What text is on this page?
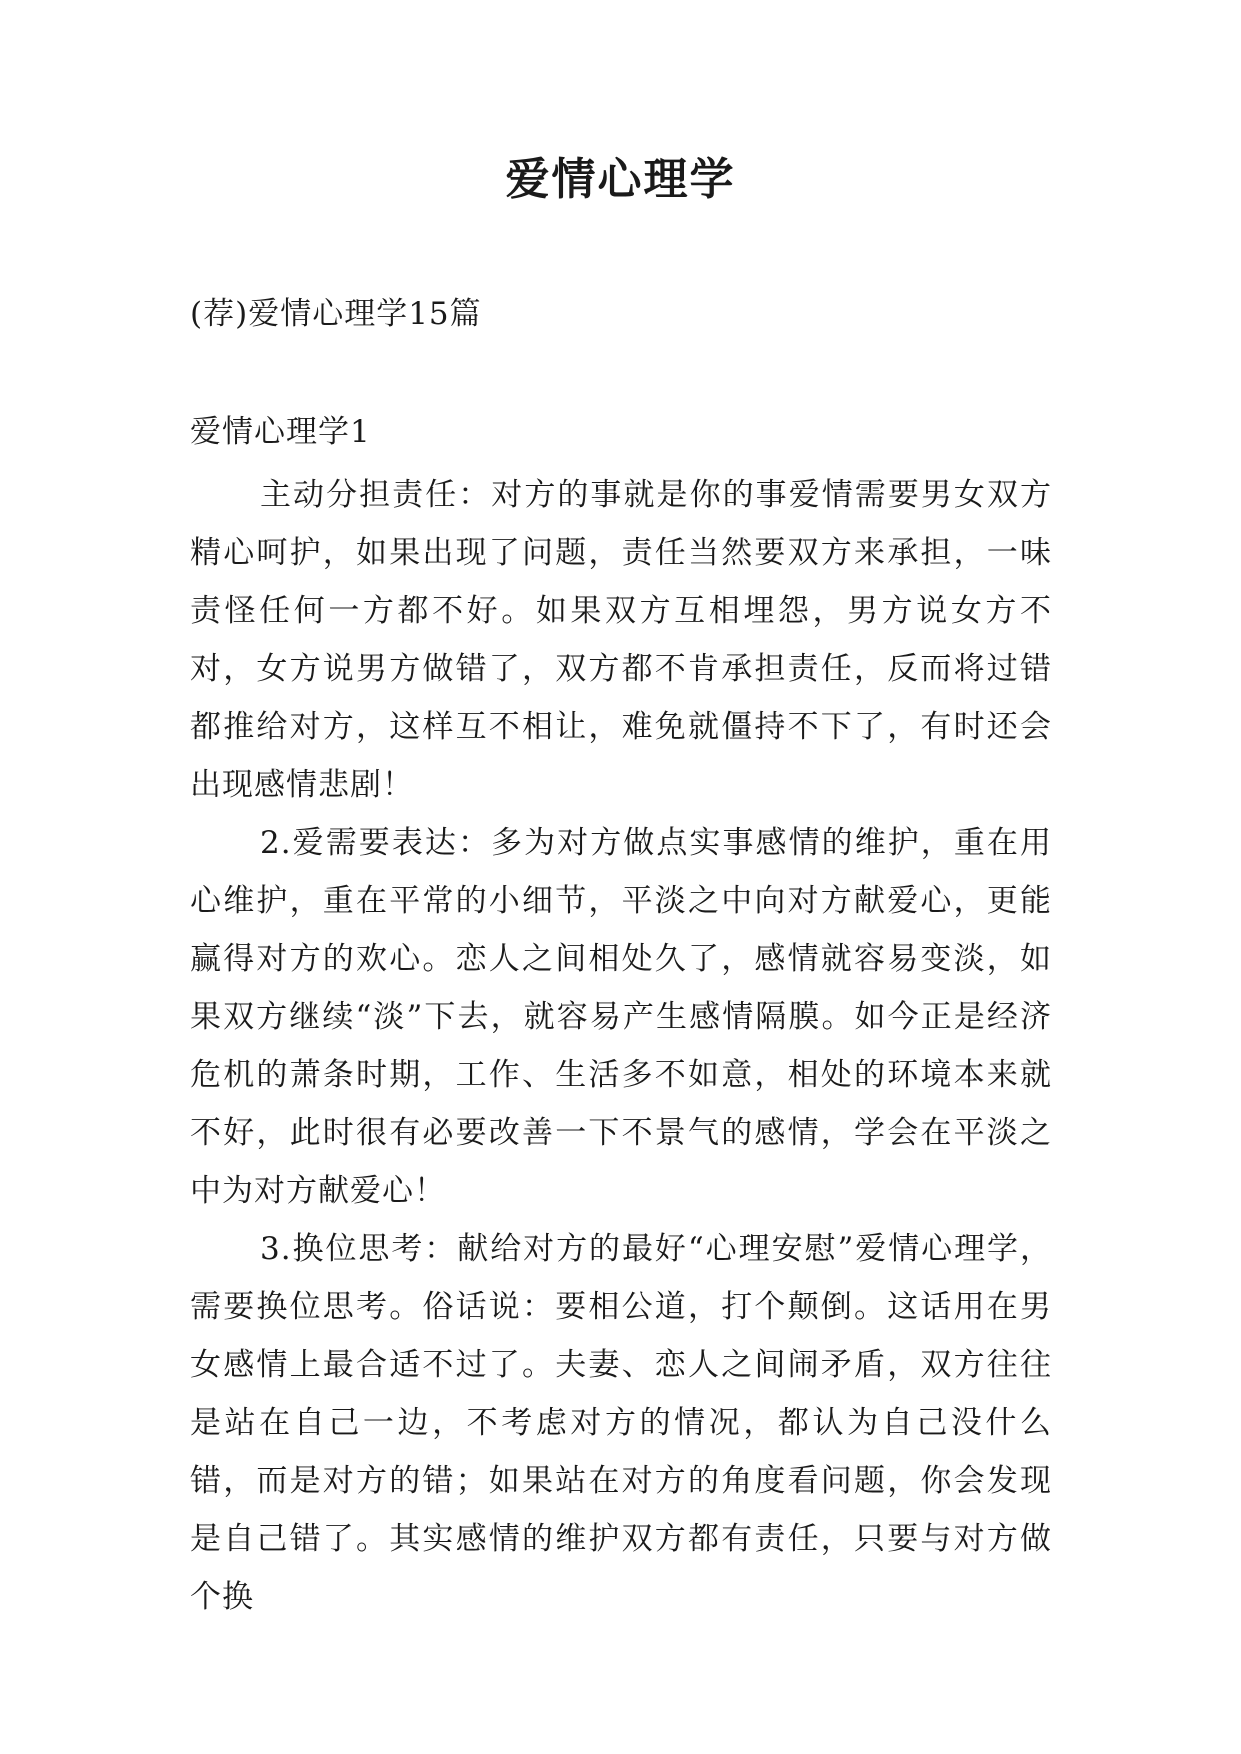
爱情心理学
(荐)爱情心理学15篇
爱情心理学1

主动分担责任：对方的事就是你的事爱情需要男女双方精心呵护，如果出现了问题，责任当然要双方来承担，一味责怪任何一方都不好。如果双方互相埋怨，男方说女方不对，女方说男方做错了，双方都不肯承担责任，反而将过错都推给对方，这样互不相让，难免就僵持不下了，有时还会出现感情悲剧！

2.爱需要表达：多为对方做点实事感情的维护，重在用心维护，重在平常的小细节，平淡之中向对方献爱心，更能赢得对方的欢心。恋人之间相处久了，感情就容易变淡，如果双方继续“淡”下去，就容易产生感情隔膜。如今正是经济危机的萧条时期，工作、生活多不如意，相处的环境本来就不好，此时很有必要改善一下不景气的感情，学会在平淡之中为对方献爱心！

3.换位思考：献给对方的最好“心理安慰”爱情心理学，需要换位思考。俗话说：要相公道，打个颠倒。这话用在男女感情上最合适不过了。夫妻、恋人之间闹矛盾，双方往往是站在自己一边，不考虑对方的情况，都认为自己没什么错，而是对方的错；如果站在对方的角度看问题，你会发现是自己错了。其实感情的维护双方都有责任，只要与对方做个换
